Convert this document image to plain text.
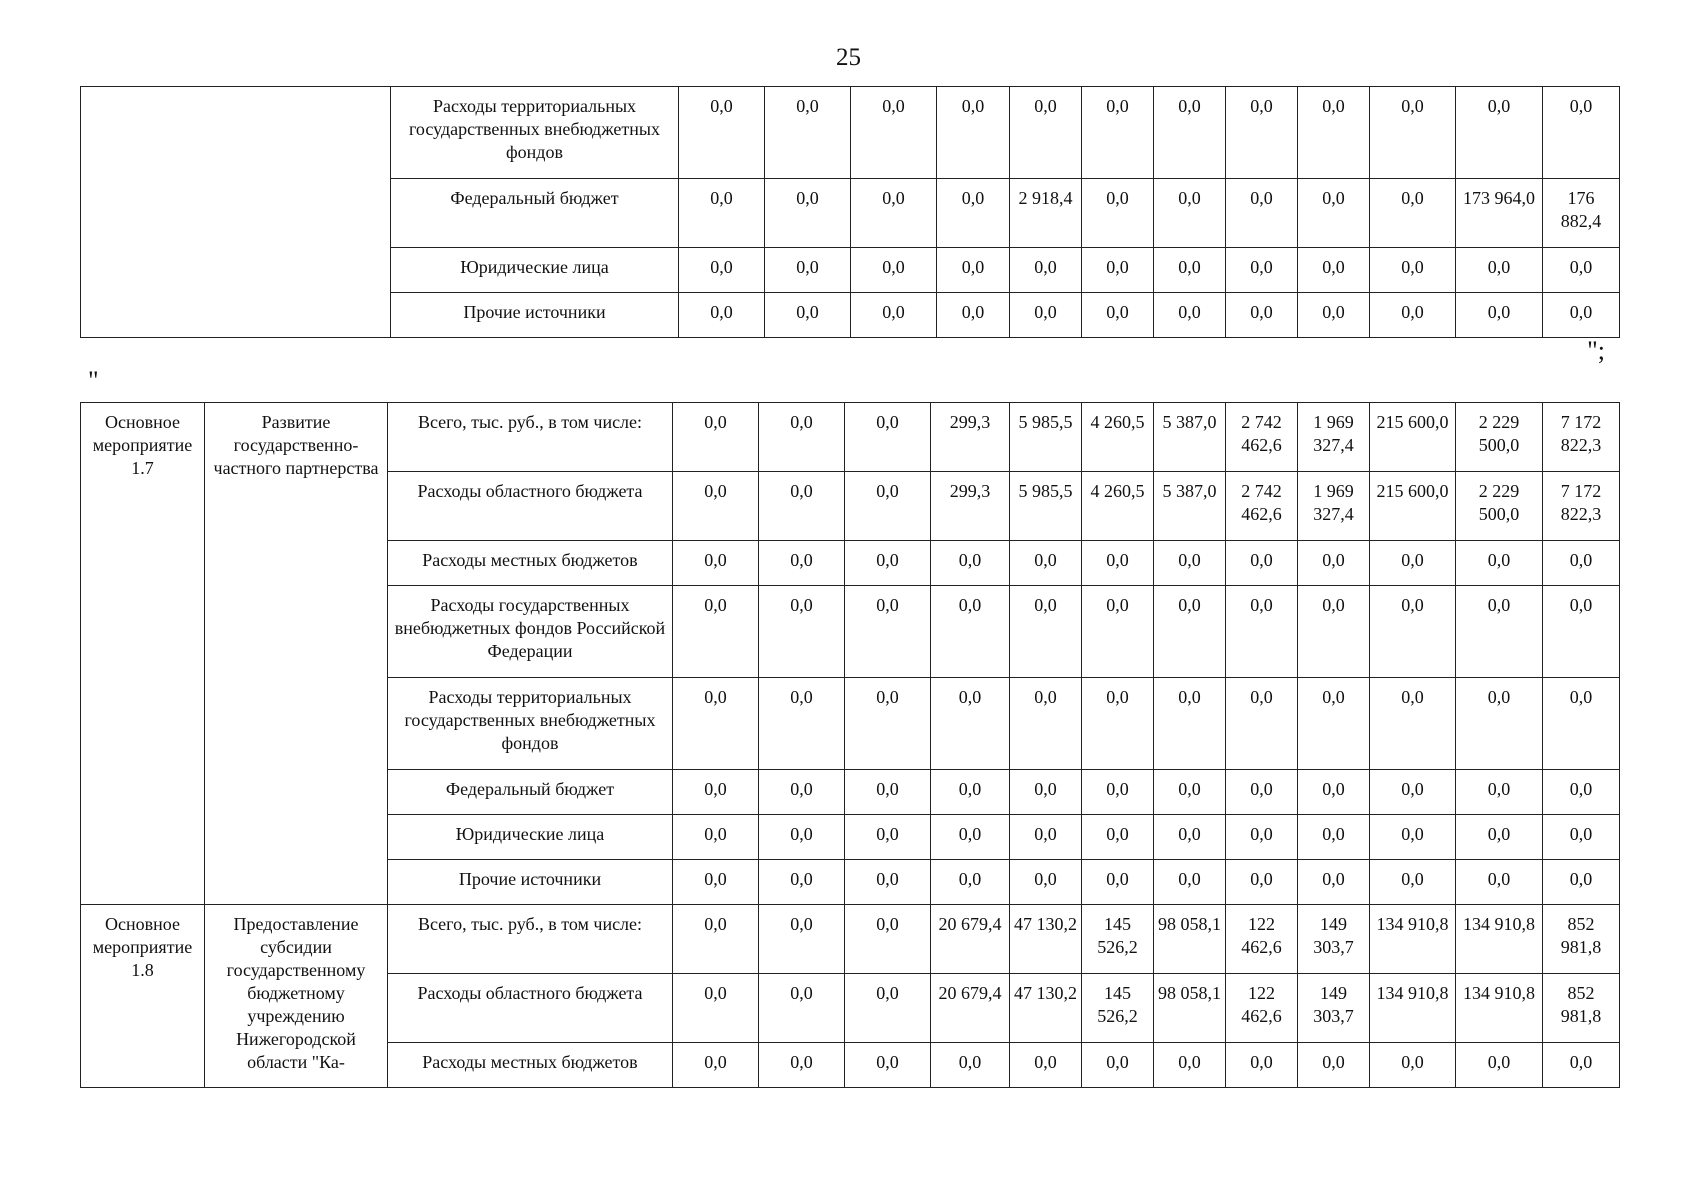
25
	Расходы территориальных государственных внебюджетных фондов	0,0	0,0	0,0	0,0	0,0	0,0	0,0	0,0	0,0	0,0	0,0	0,0
	Федеральный бюджет	0,0	0,0	0,0	0,0	2 918,4	0,0	0,0	0,0	0,0	0,0	173 964,0	176 882,4
	Юридические лица	0,0	0,0	0,0	0,0	0,0	0,0	0,0	0,0	0,0	0,0	0,0	0,0
	Прочие источники	0,0	0,0	0,0	0,0	0,0	0,0	0,0	0,0	0,0	0,0	0,0	0,0
";
"
Основное мероприятие 1.7	Развитие государственно-частного партнерства	Всего, тыс. руб., в том числе:	0,0	0,0	0,0	299,3	5 985,5	4 260,5	5 387,0	2 742 462,6	1 969 327,4	215 600,0	2 229 500,0	7 172 822,3
		Расходы областного бюджета	0,0	0,0	0,0	299,3	5 985,5	4 260,5	5 387,0	2 742 462,6	1 969 327,4	215 600,0	2 229 500,0	7 172 822,3
		Расходы местных бюджетов	0,0	0,0	0,0	0,0	0,0	0,0	0,0	0,0	0,0	0,0	0,0	0,0
		Расходы государственных внебюджетных фондов Российской Федерации	0,0	0,0	0,0	0,0	0,0	0,0	0,0	0,0	0,0	0,0	0,0	0,0
		Расходы территориальных государственных внебюджетных фондов	0,0	0,0	0,0	0,0	0,0	0,0	0,0	0,0	0,0	0,0	0,0	0,0
		Федеральный бюджет	0,0	0,0	0,0	0,0	0,0	0,0	0,0	0,0	0,0	0,0	0,0	0,0
		Юридические лица	0,0	0,0	0,0	0,0	0,0	0,0	0,0	0,0	0,0	0,0	0,0	0,0
		Прочие источники	0,0	0,0	0,0	0,0	0,0	0,0	0,0	0,0	0,0	0,0	0,0	0,0
Основное мероприятие 1.8	Предоставление субсидии государственному бюджетному учреждению Нижегородской области "Ка-	Всего, тыс. руб., в том числе:	0,0	0,0	0,0	20 679,4	47 130,2	145 526,2	98 058,1	122 462,6	149 303,7	134 910,8	134 910,8	852 981,8
		Расходы областного бюджета	0,0	0,0	0,0	20 679,4	47 130,2	145 526,2	98 058,1	122 462,6	149 303,7	134 910,8	134 910,8	852 981,8
		Расходы местных бюджетов	0,0	0,0	0,0	0,0	0,0	0,0	0,0	0,0	0,0	0,0	0,0	0,0
